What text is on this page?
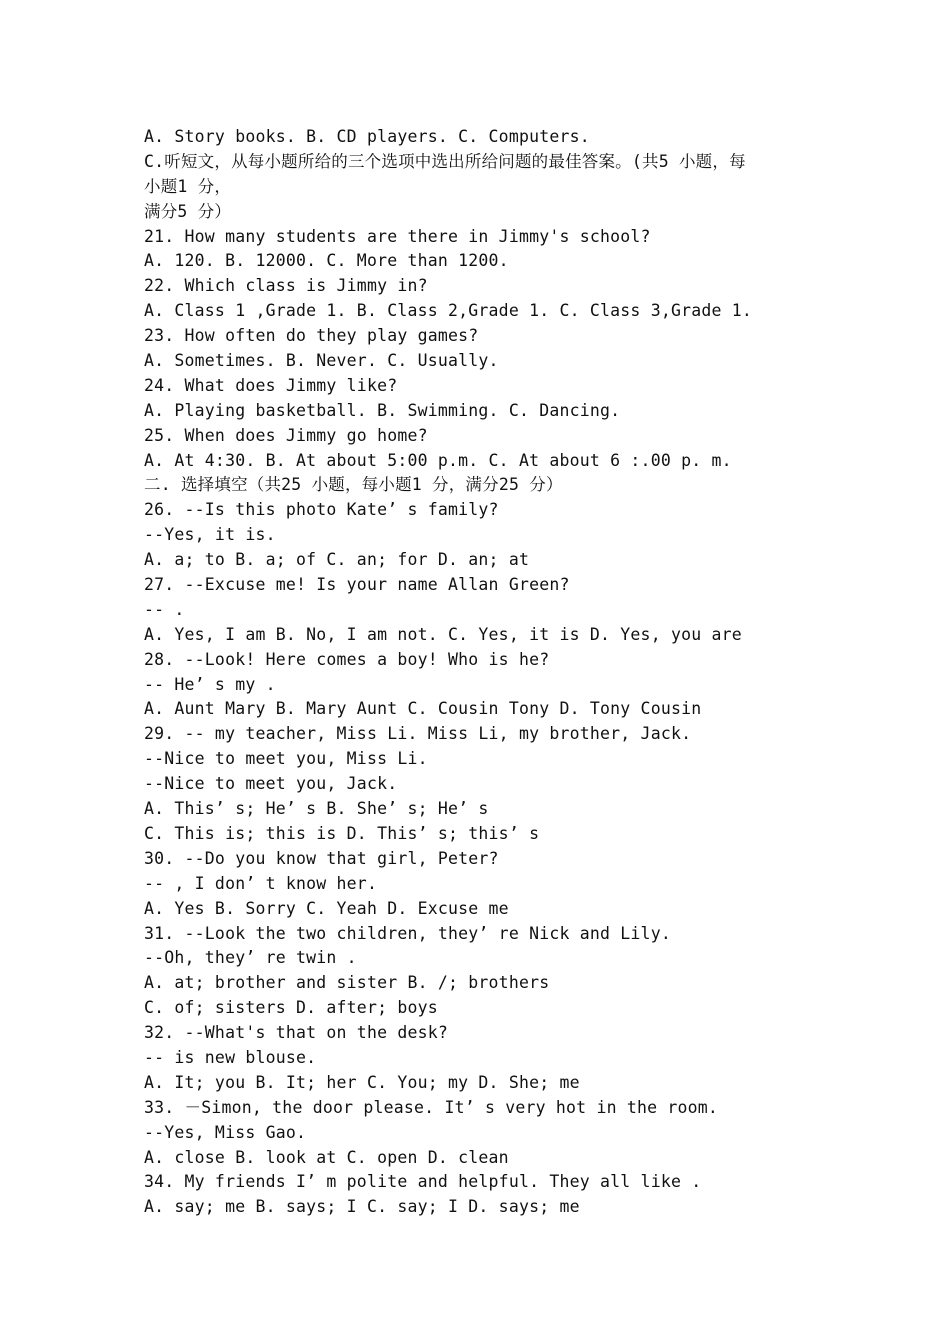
A. Story books. B. CD players. C. Computers.
C.听短文，从每小题所给的三个选项中选出所给问题的最佳答案。(共5 小题，每
小题1 分，
满分5 分）
21. How many students are there in Jimmy's school?
A. 120. B. 12000. C. More than 1200.
22. Which class is Jimmy in?
A. Class 1 ,Grade 1. B. Class 2,Grade 1. C. Class 3,Grade 1.
23. How often do they play games?
A. Sometimes. B. Never. C. Usually.
24. What does Jimmy like?
A. Playing basketball. B. Swimming. C. Dancing.
25. When does Jimmy go home?
A. At 4:30. B. At about 5:00 p.m. C. At about 6 :.00 p. m.
二. 选择填空（共25 小题，每小题1 分，满分25 分）
26. --Is this photo Kate’ s family?
--Yes, it is.
A. a; to B. a; of C. an; for D. an; at
27. --Excuse me! Is your name Allan Green?
-- .
A. Yes, I am B. No, I am not. C. Yes, it is D. Yes, you are
28. --Look! Here comes a boy! Who is he?
-- He’ s my .
A. Aunt Mary B. Mary Aunt C. Cousin Tony D. Tony Cousin
29. -- my teacher, Miss Li. Miss Li, my brother, Jack.
--Nice to meet you, Miss Li.
--Nice to meet you, Jack.
A. This’ s; He’ s B. She’ s; He’ s
C. This is; this is D. This’ s; this’ s
30. --Do you know that girl, Peter?
-- , I don’ t know her.
A. Yes B. Sorry C. Yeah D. Excuse me
31. --Look the two children, they’ re Nick and Lily.
--Oh, they’ re twin .
A. at; brother and sister B. /; brothers
C. of; sisters D. after; boys
32. --What's that on the desk?
-- is new blouse.
A. It; you B. It; her C. You; my D. She; me
33. －Simon, the door please. It’ s very hot in the room.
--Yes, Miss Gao.
A. close B. look at C. open D. clean
34. My friends I’ m polite and helpful. They all like .
A. say; me B. says; I C. say; I D. says; me
